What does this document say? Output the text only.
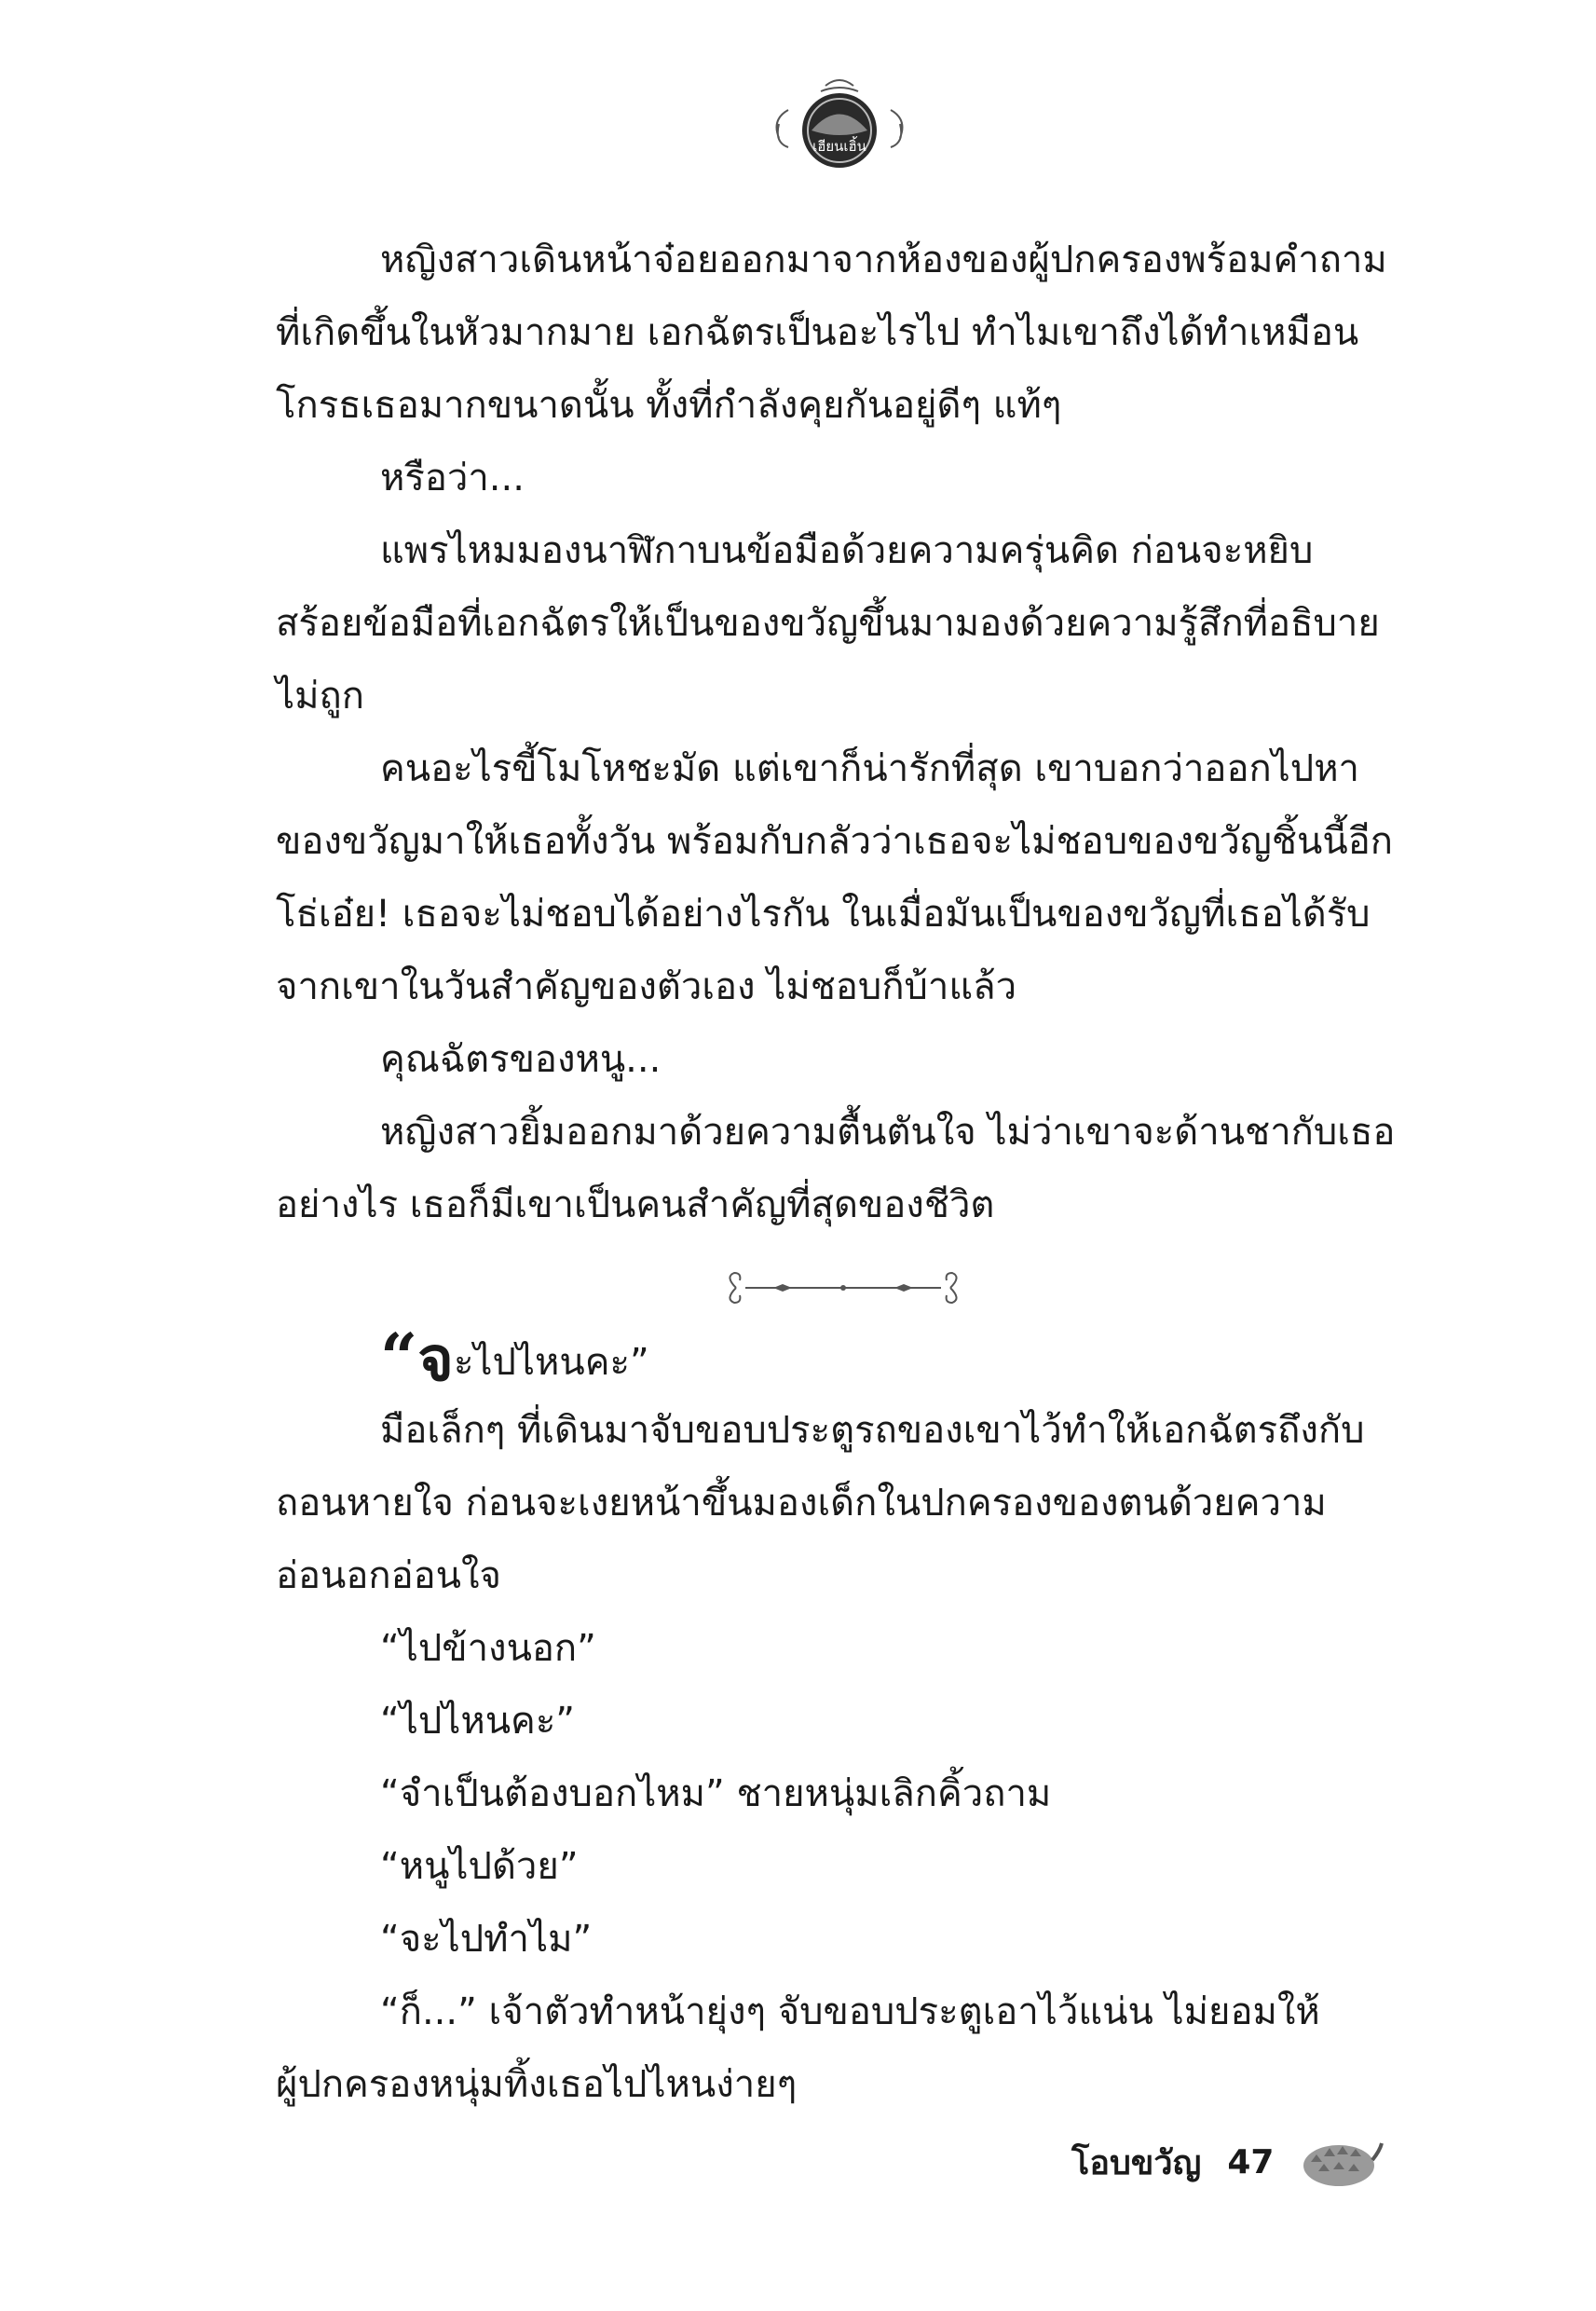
เฮียนเฮิ้น
หญิงสาวเดินหน้าจ๋อยออกมาจากห้องของผู้ปกครองพร้อมคำถาม
ที่เกิดขึ้นในหัวมากมาย เอกฉัตรเป็นอะไรไป ทำไมเขาถึงได้ทำเหมือน
โกรธเธอมากขนาดนั้น ทั้งที่กำลังคุยกันอยู่ดีๆ แท้ๆ
หรือว่า...
แพรไหมมองนาฬิกาบนข้อมือด้วยความครุ่นคิด ก่อนจะหยิบ
สร้อยข้อมือที่เอกฉัตรให้เป็นของขวัญขึ้นมามองด้วยความรู้สึกที่อธิบาย
ไม่ถูก
คนอะไรขี้โมโหชะมัด แต่เขาก็น่ารักที่สุด เขาบอกว่าออกไปหา
ของขวัญมาให้เธอทั้งวัน พร้อมกับกลัวว่าเธอจะไม่ชอบของขวัญชิ้นนี้อีก
โธ่เอ๋ย! เธอจะไม่ชอบได้อย่างไรกัน ในเมื่อมันเป็นของขวัญที่เธอได้รับ
จากเขาในวันสำคัญของตัวเอง ไม่ชอบก็บ้าแล้ว
คุณฉัตรของหนู...
หญิงสาวยิ้มออกมาด้วยความตื้นตันใจ ไม่ว่าเขาจะด้านชากับเธอ
อย่างไร เธอก็มีเขาเป็นคนสำคัญที่สุดของชีวิต
“จะไปไหนคะ”
มือเล็กๆ ที่เดินมาจับขอบประตูรถของเขาไว้ทำให้เอกฉัตรถึงกับ
ถอนหายใจ ก่อนจะเงยหน้าขึ้นมองเด็กในปกครองของตนด้วยความ
อ่อนอกอ่อนใจ
“ไปข้างนอก”
“ไปไหนคะ”
“จำเป็นต้องบอกไหม” ชายหนุ่มเลิกคิ้วถาม
“หนูไปด้วย”
“จะไปทำไม”
“ก็...” เจ้าตัวทำหน้ายุ่งๆ จับขอบประตูเอาไว้แน่น ไม่ยอมให้
ผู้ปกครองหนุ่มทิ้งเธอไปไหนง่ายๆ
โอบขวัญ 47
